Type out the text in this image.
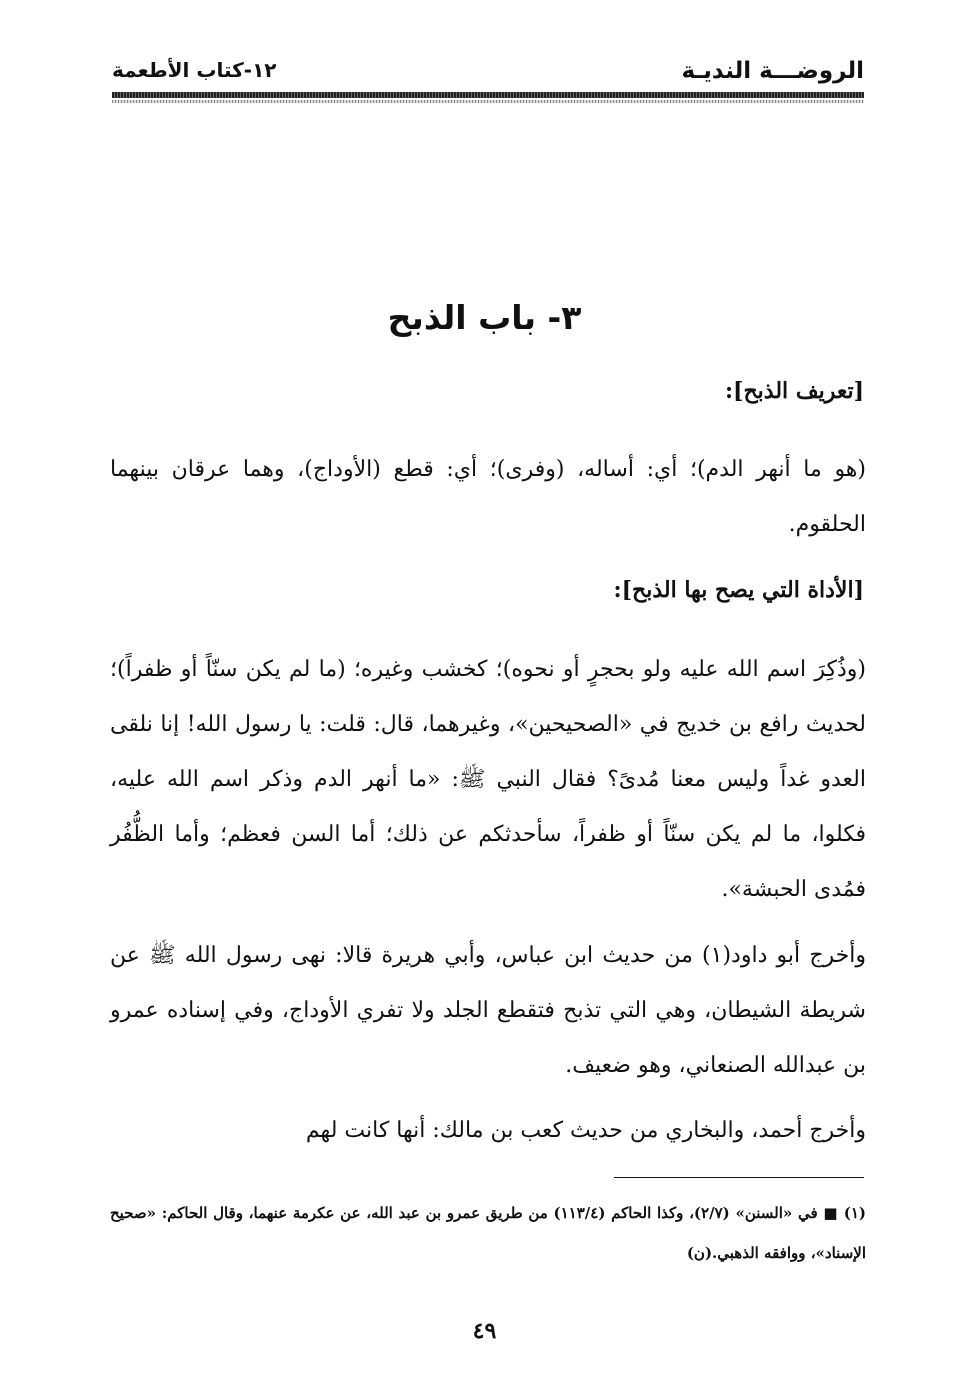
الروضـــة النديـة
١٢-كتاب الأطعمة
٣- باب الذبح
[تعريف الذبح]:
(هو ما أنهر الدم)؛ أي: أساله، (وفرى)؛ أي: قطع (الأوداج)، وهما عرقان بينهما الحلقوم.
[الأداة التي يصح بها الذبح]:
(وذُكِرَ اسم الله عليه ولو بحجرٍ أو نحوه)؛ كخشب وغيره؛ (ما لم يكن سنّاً أو ظفراً)؛ لحديث رافع بن خديج في «الصحيحين»، وغيرهما، قال: قلت: يا رسول الله! إنا نلقى العدو غداً وليس معنا مُدىً؟ فقال النبي ﷺ: «ما أنهر الدم وذكر اسم الله عليه، فكلوا، ما لم يكن سنّاً أو ظفراً، سأحدثكم عن ذلك؛ أما السن فعظم؛ وأما الظُّفُر فمُدى الحبشة».
وأخرج أبو داود(١) من حديث ابن عباس، وأبي هريرة قالا: نهى رسول الله ﷺ عن شريطة الشيطان، وهي التي تذبح فتقطع الجلد ولا تفري الأوداج، وفي إسناده عمرو بن عبدالله الصنعاني، وهو ضعيف.
وأخرج أحمد، والبخاري من حديث كعب بن مالك: أنها كانت لهم
(١) ■ في «السنن» (٢/٧)، وكذا الحاكم (١١٣/٤) من طريق عمرو بن عبد الله، عن عكرمة عنهما، وقال الحاكم: «صحيح الإسناد»، ووافقه الذهبي.(ن)
٤٩
